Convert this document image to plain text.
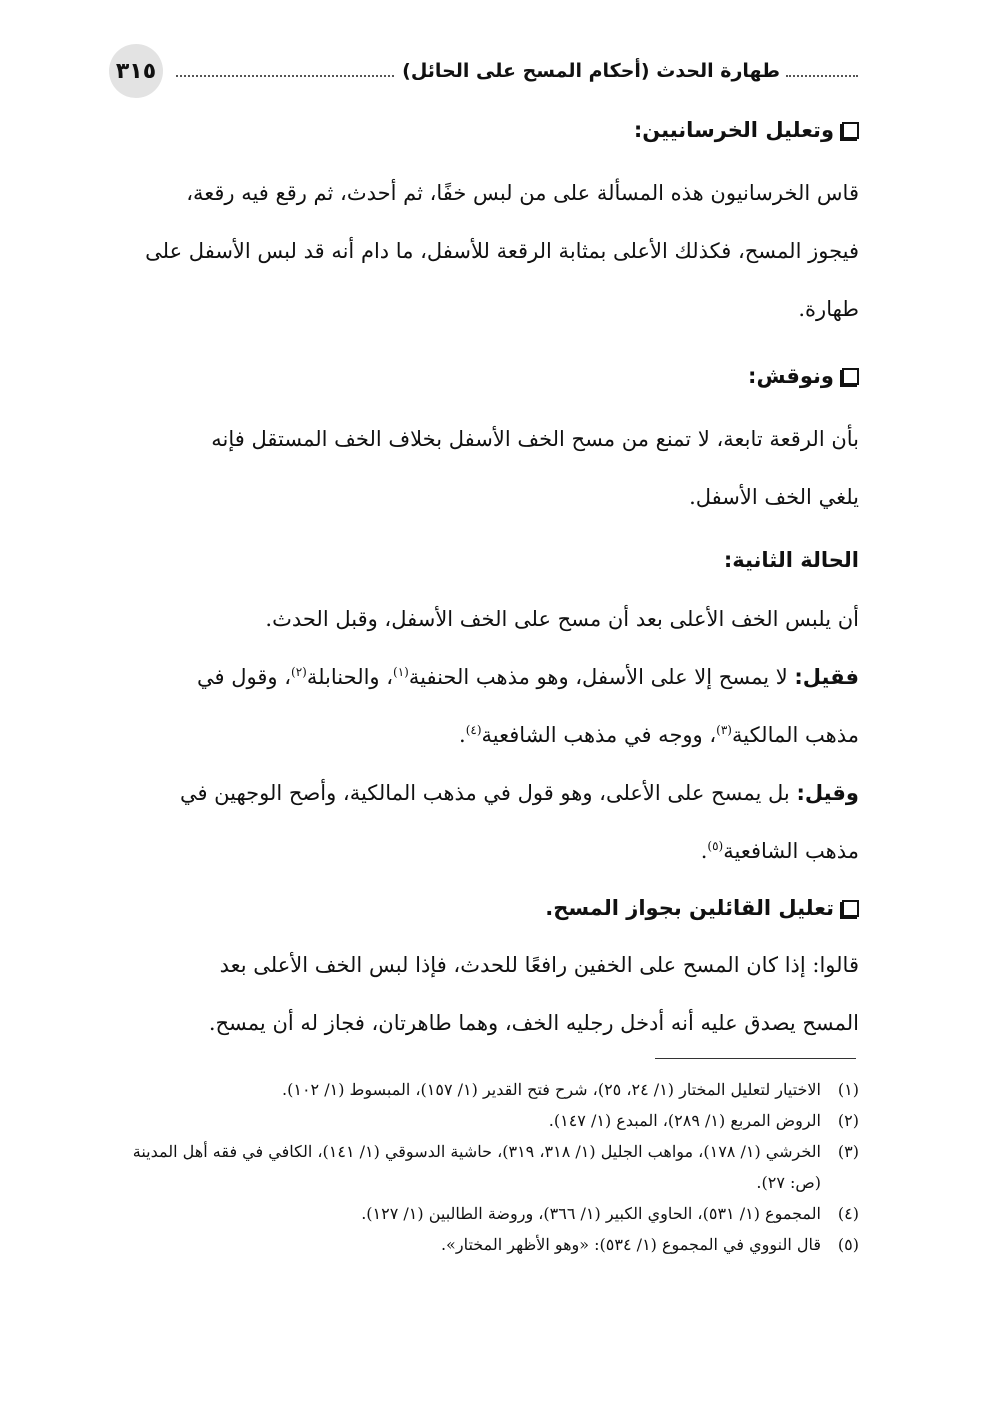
٣١٥	طهارة الحدث (أحكام المسح على الحائل)
وتعليل الخرسانيين:

قاس الخرسانيون هذه المسألة على من لبس خفًا، ثم أحدث، ثم رقع فيه رقعة،
فيجوز المسح، فكذلك الأعلى بمثابة الرقعة للأسفل، ما دام أنه قد لبس الأسفل على
طهارة.

ونوقش:

بأن الرقعة تابعة، لا تمنع من مسح الخف الأسفل بخلاف الخف المستقل فإنه
يلغي الخف الأسفل.

الحالة الثانية:

أن يلبس الخف الأعلى بعد أن مسح على الخف الأسفل، وقبل الحدث.

فقيل: لا يمسح إلا على الأسفل، وهو مذهب الحنفية$^{(١)}$، والحنابلة$^{(٢)}$، وقول في
مذهب المالكية$^{(٣)}$، ووجه في مذهب الشافعية$^{(٤)}$.

وقيل: بل يمسح على الأعلى، وهو قول في مذهب المالكية، وأصح الوجهين في
مذهب الشافعية$^{(٥)}$.

تعليل القائلين بجواز المسح.

قالوا: إذا كان المسح على الخفين رافعًا للحدث، فإذا لبس الخف الأعلى بعد
المسح يصدق عليه أنه أدخل رجليه الخف، وهما طاهرتان، فجاز له أن يمسح.

(١)
الاختيار لتعليل المختار (١/ ٢٤، ٢٥)، شرح فتح القدير (١/ ١٥٧)، المبسوط (١/ ١٠٢).
(٢)
الروض المربع (١/ ٢٨٩)، المبدع (١/ ١٤٧).
(٣)
الخرشي (١/ ١٧٨)، مواهب الجليل (١/ ٣١٨، ٣١٩)، حاشية الدسوقي (١/ ١٤١)، الكافي في فقه أهل المدينة (ص: ٢٧).
(٤)
المجموع (١/ ٥٣١)، الحاوي الكبير (١/ ٣٦٦)، وروضة الطالبين (١/ ١٢٧).
(٥)
قال النووي في المجموع (١/ ٥٣٤): «وهو الأظهر المختار».
